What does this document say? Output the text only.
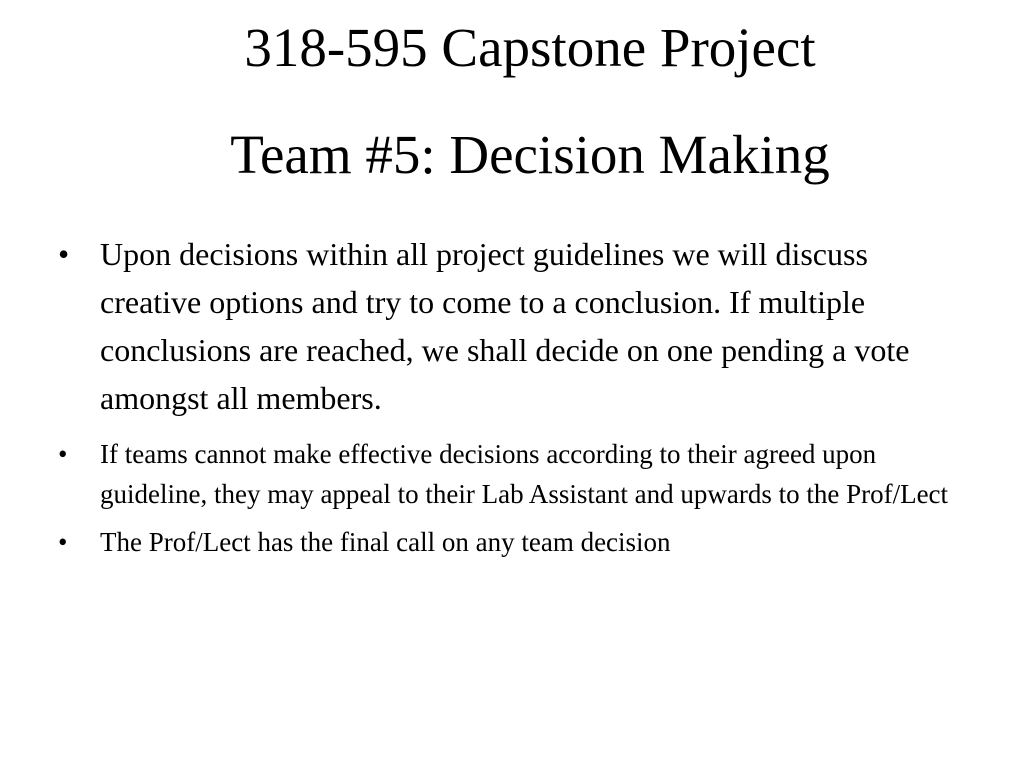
318-595 Capstone Project
Team #5: Decision Making
• Upon decisions within all project guidelines we will discuss creative options and try to come to a conclusion. If multiple conclusions are reached, we shall decide on one pending a vote amongst all members.
• If teams cannot make effective decisions according to their agreed upon guideline, they may appeal to their Lab Assistant and upwards to the Prof/Lect
• The Prof/Lect has the final call on any team decision
